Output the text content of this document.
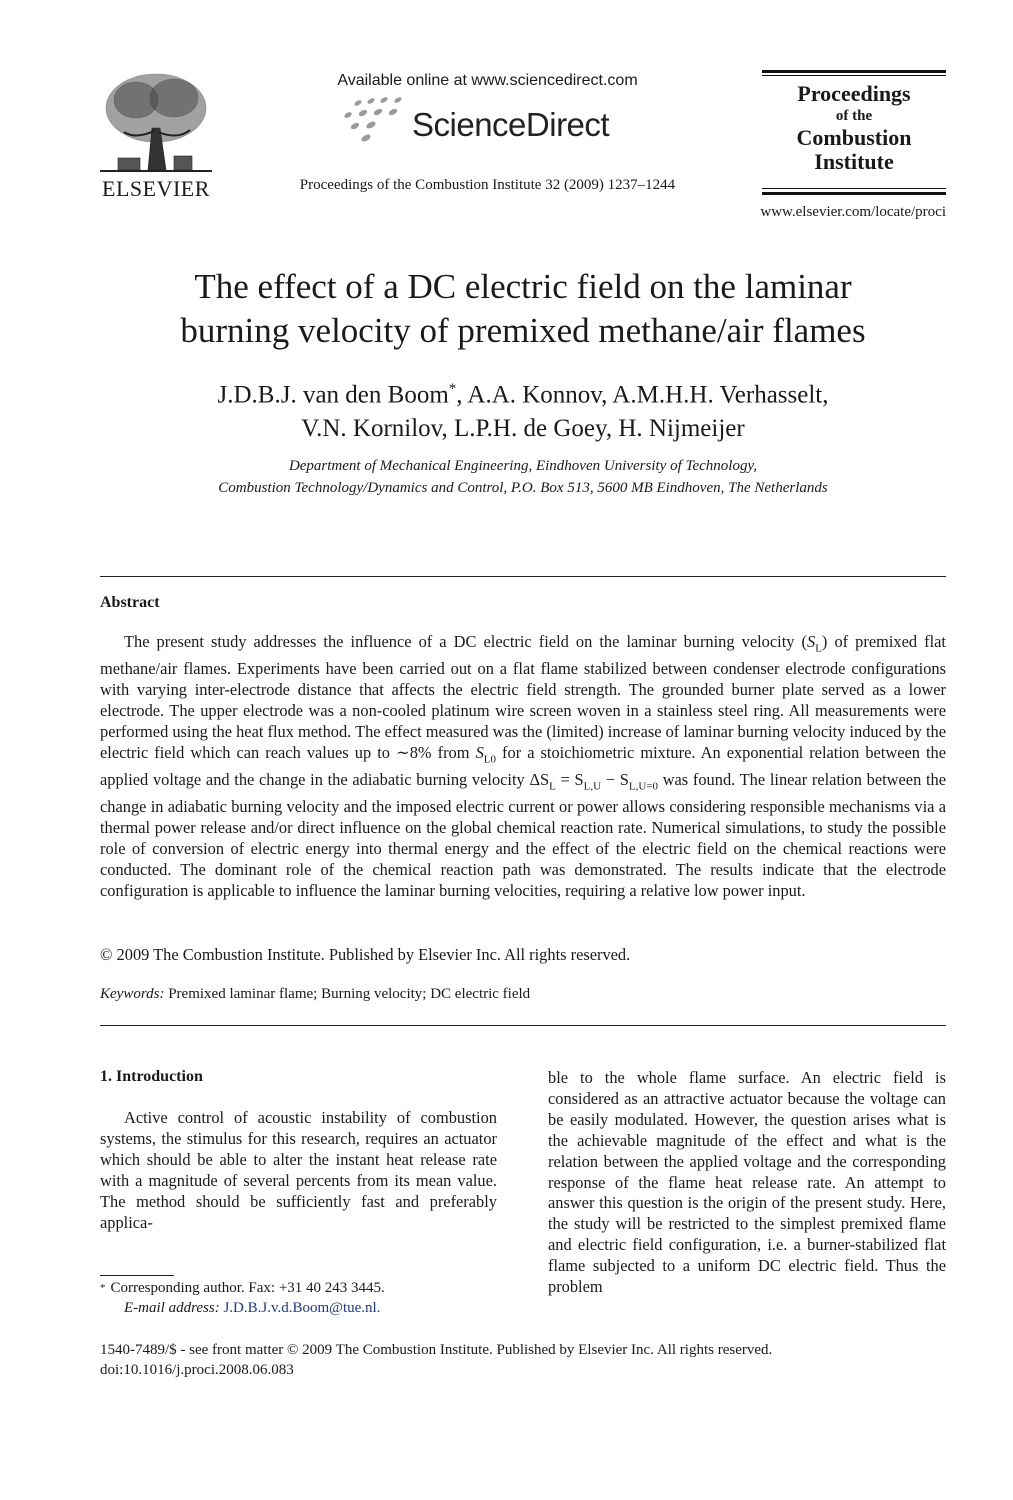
ELSEVIER
Available online at www.sciencedirect.com
ScienceDirect
Proceedings of the Combustion Institute 32 (2009) 1237–1244
Proceedings
of the
Combustion
Institute
www.elsevier.com/locate/proci
The effect of a DC electric field on the laminar
burning velocity of premixed methane/air flames
J.D.B.J. van den Boom*, A.A. Konnov, A.M.H.H. Verhasselt,
V.N. Kornilov, L.P.H. de Goey, H. Nijmeijer
Department of Mechanical Engineering, Eindhoven University of Technology,
Combustion Technology/Dynamics and Control, P.O. Box 513, 5600 MB Eindhoven, The Netherlands
Abstract

The present study addresses the influence of a DC electric field on the laminar burning velocity $(S_L)$ of premixed flat methane/air flames. Experiments have been carried out on a flat flame stabilized between condenser electrode configurations with varying inter-electrode distance that affects the electric field strength. The grounded burner plate served as a lower electrode. The upper electrode was a non-cooled platinum wire screen woven in a stainless steel ring. All measurements were performed using the heat flux method. The effect measured was the (limited) increase of laminar burning velocity induced by the electric field which can reach values up to ∼8% from $S_{L0}$ for a stoichiometric mixture. An exponential relation between the applied voltage and the change in the adiabatic burning velocity $\Delta S_L = S_{L,U} - S_{L,U=0}$ was found. The linear relation between the change in adiabatic burning velocity and the imposed electric current or power allows considering responsible mechanisms via a thermal power release and/or direct influence on the global chemical reaction rate. Numerical simulations, to study the possible role of conversion of electric energy into thermal energy and the effect of the electric field on the chemical reactions were conducted. The dominant role of the chemical reaction path was demonstrated. The results indicate that the electrode configuration is applicable to influence the laminar burning velocities, requiring a relative low power input.

© 2009 The Combustion Institute. Published by Elsevier Inc. All rights reserved.
Keywords: Premixed laminar flame; Burning velocity; DC electric field
1. Introduction

Active control of acoustic instability of combustion systems, the stimulus for this research, requires an actuator which should be able to alter the instant heat release rate with a magnitude of several percents from its mean value. The method should be sufficiently fast and preferably applica-

ble to the whole flame surface. An electric field is considered as an attractive actuator because the voltage can be easily modulated. However, the question arises what is the achievable magnitude of the effect and what is the relation between the applied voltage and the corresponding response of the flame heat release rate. An attempt to answer this question is the origin of the present study. Here, the study will be restricted to the simplest premixed flame and electric field configuration, i.e. a burner-stabilized flat flame subjected to a uniform DC electric field. Thus the problem

* Corresponding author. Fax: +31 40 243 3445.
E-mail address: J.D.B.J.v.d.Boom@tue.nl.
1540-7489/$ - see front matter © 2009 The Combustion Institute. Published by Elsevier Inc. All rights reserved.
doi:10.1016/j.proci.2008.06.083
